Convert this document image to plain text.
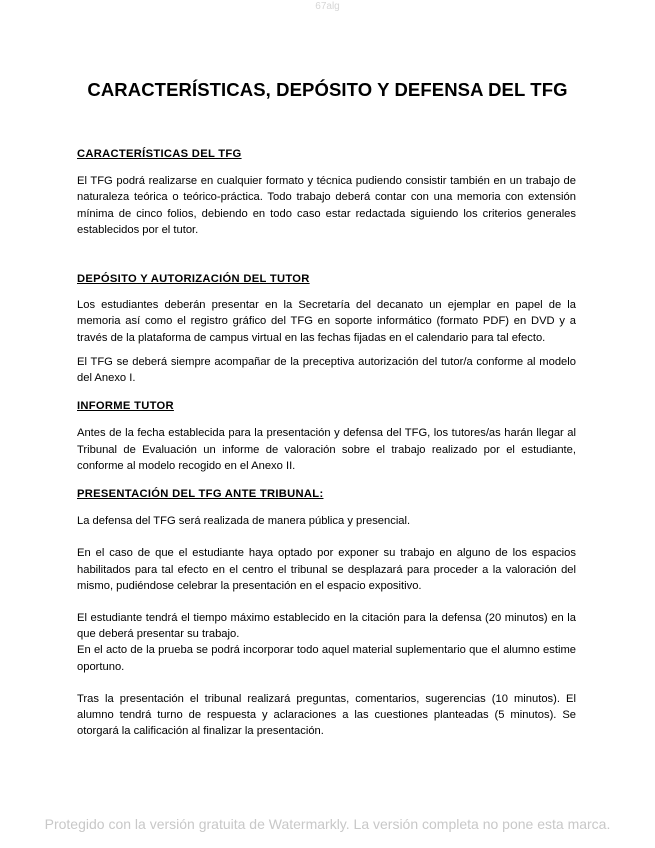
67alg
CARACTERÍSTICAS, DEPÓSITO Y DEFENSA DEL TFG
CARACTERÍSTICAS DEL TFG

El TFG podrá realizarse en cualquier formato y técnica pudiendo consistir también en un trabajo de naturaleza teórica o teórico-práctica. Todo trabajo deberá contar con una memoria con extensión mínima de cinco folios, debiendo en todo caso estar redactada siguiendo los criterios generales establecidos por el tutor.

DEPÓSITO Y AUTORIZACIÓN DEL TUTOR

Los estudiantes deberán presentar en la Secretaría del decanato un ejemplar en papel de la memoria así como el registro gráfico del TFG en soporte informático (formato PDF) en DVD y a través de la plataforma de campus virtual en las fechas fijadas en el calendario para tal efecto.

El TFG se deberá siempre acompañar de la preceptiva autorización del tutor/a conforme al modelo del Anexo I.

INFORME TUTOR

Antes de la fecha establecida para la presentación y defensa del TFG, los tutores/as harán llegar al Tribunal de Evaluación un informe de valoración sobre el trabajo realizado por el estudiante, conforme al modelo recogido en el Anexo II.

PRESENTACIÓN DEL TFG ANTE TRIBUNAL:

La defensa del TFG será realizada de manera pública y presencial.

En el caso de que el estudiante haya optado por exponer su trabajo en alguno de los espacios habilitados para tal efecto en el centro el tribunal se desplazará para proceder a la valoración del mismo, pudiéndose celebrar la presentación en el espacio expositivo.

El estudiante tendrá el tiempo máximo establecido en la citación para la defensa (20 minutos) en la que deberá presentar su trabajo.

En el acto de la prueba se podrá incorporar todo aquel material suplementario que el alumno estime oportuno.

Tras la presentación el tribunal realizará preguntas, comentarios, sugerencias (10 minutos). El alumno tendrá turno de respuesta y aclaraciones a las cuestiones planteadas (5 minutos). Se otorgará la calificación al finalizar la presentación.

Protegido con la versión gratuita de Watermarkly. La versión completa no pone esta marca.
